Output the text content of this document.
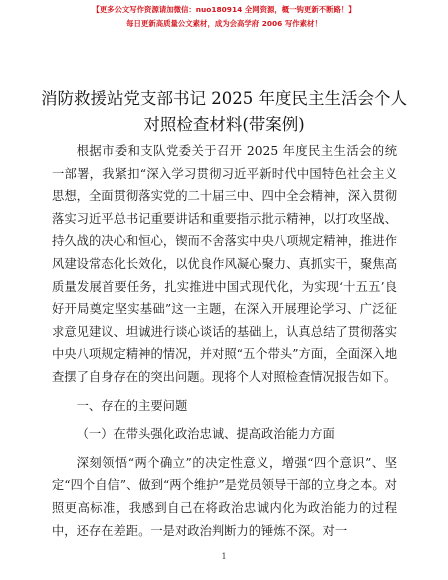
【更多公文写作资源请加微信：nuo180914 全网资源，概一钩更新不断路！】
每日更新高质量公文素材，成为会高学府 2006 写作素材！
消防救援站党支部书记 2025 年度民主生活会个人对照检查材料(带案例)

根据市委和支队党委关于召开 2025 年度民主生活会的统一部署，我紧扣“深入学习贯彻习近平新时代中国特色社会主义思想，全面贯彻落实党的二十届三中、四中全会精神，深入贯彻落实习近平总书记重要讲话和重要指示批示精神，以打攻坚战、持久战的决心和恒心，锲而不舍落实中央八项规定精神，推进作风建设常态化长效化，以优良作风凝心聚力、真抓实干，聚焦高质量发展首要任务，扎实推进中国式现代化，为实现‘十五五’良好开局奠定坚实基础”这一主题，在深入开展理论学习、广泛征求意见建议、坦诚进行谈心谈话的基础上，认真总结了贯彻落实中央八项规定精神的情况，并对照“五个带头”方面，全面深入地查摆了自身存在的突出问题。现将个人对照检查情况报告如下。

一、存在的主要问题

（一）在带头强化政治忠诚、提高政治能力方面

深刻领悟“两个确立”的决定性意义，增强“四个意识”、坚定“四个自信”、做到“两个维护”是党员领导干部的立身之本。对照更高标准，我感到自己在将政治忠诚内化为政治能力的过程中，还存在差距。一是对政治判断力的锤炼不深。对一

1
